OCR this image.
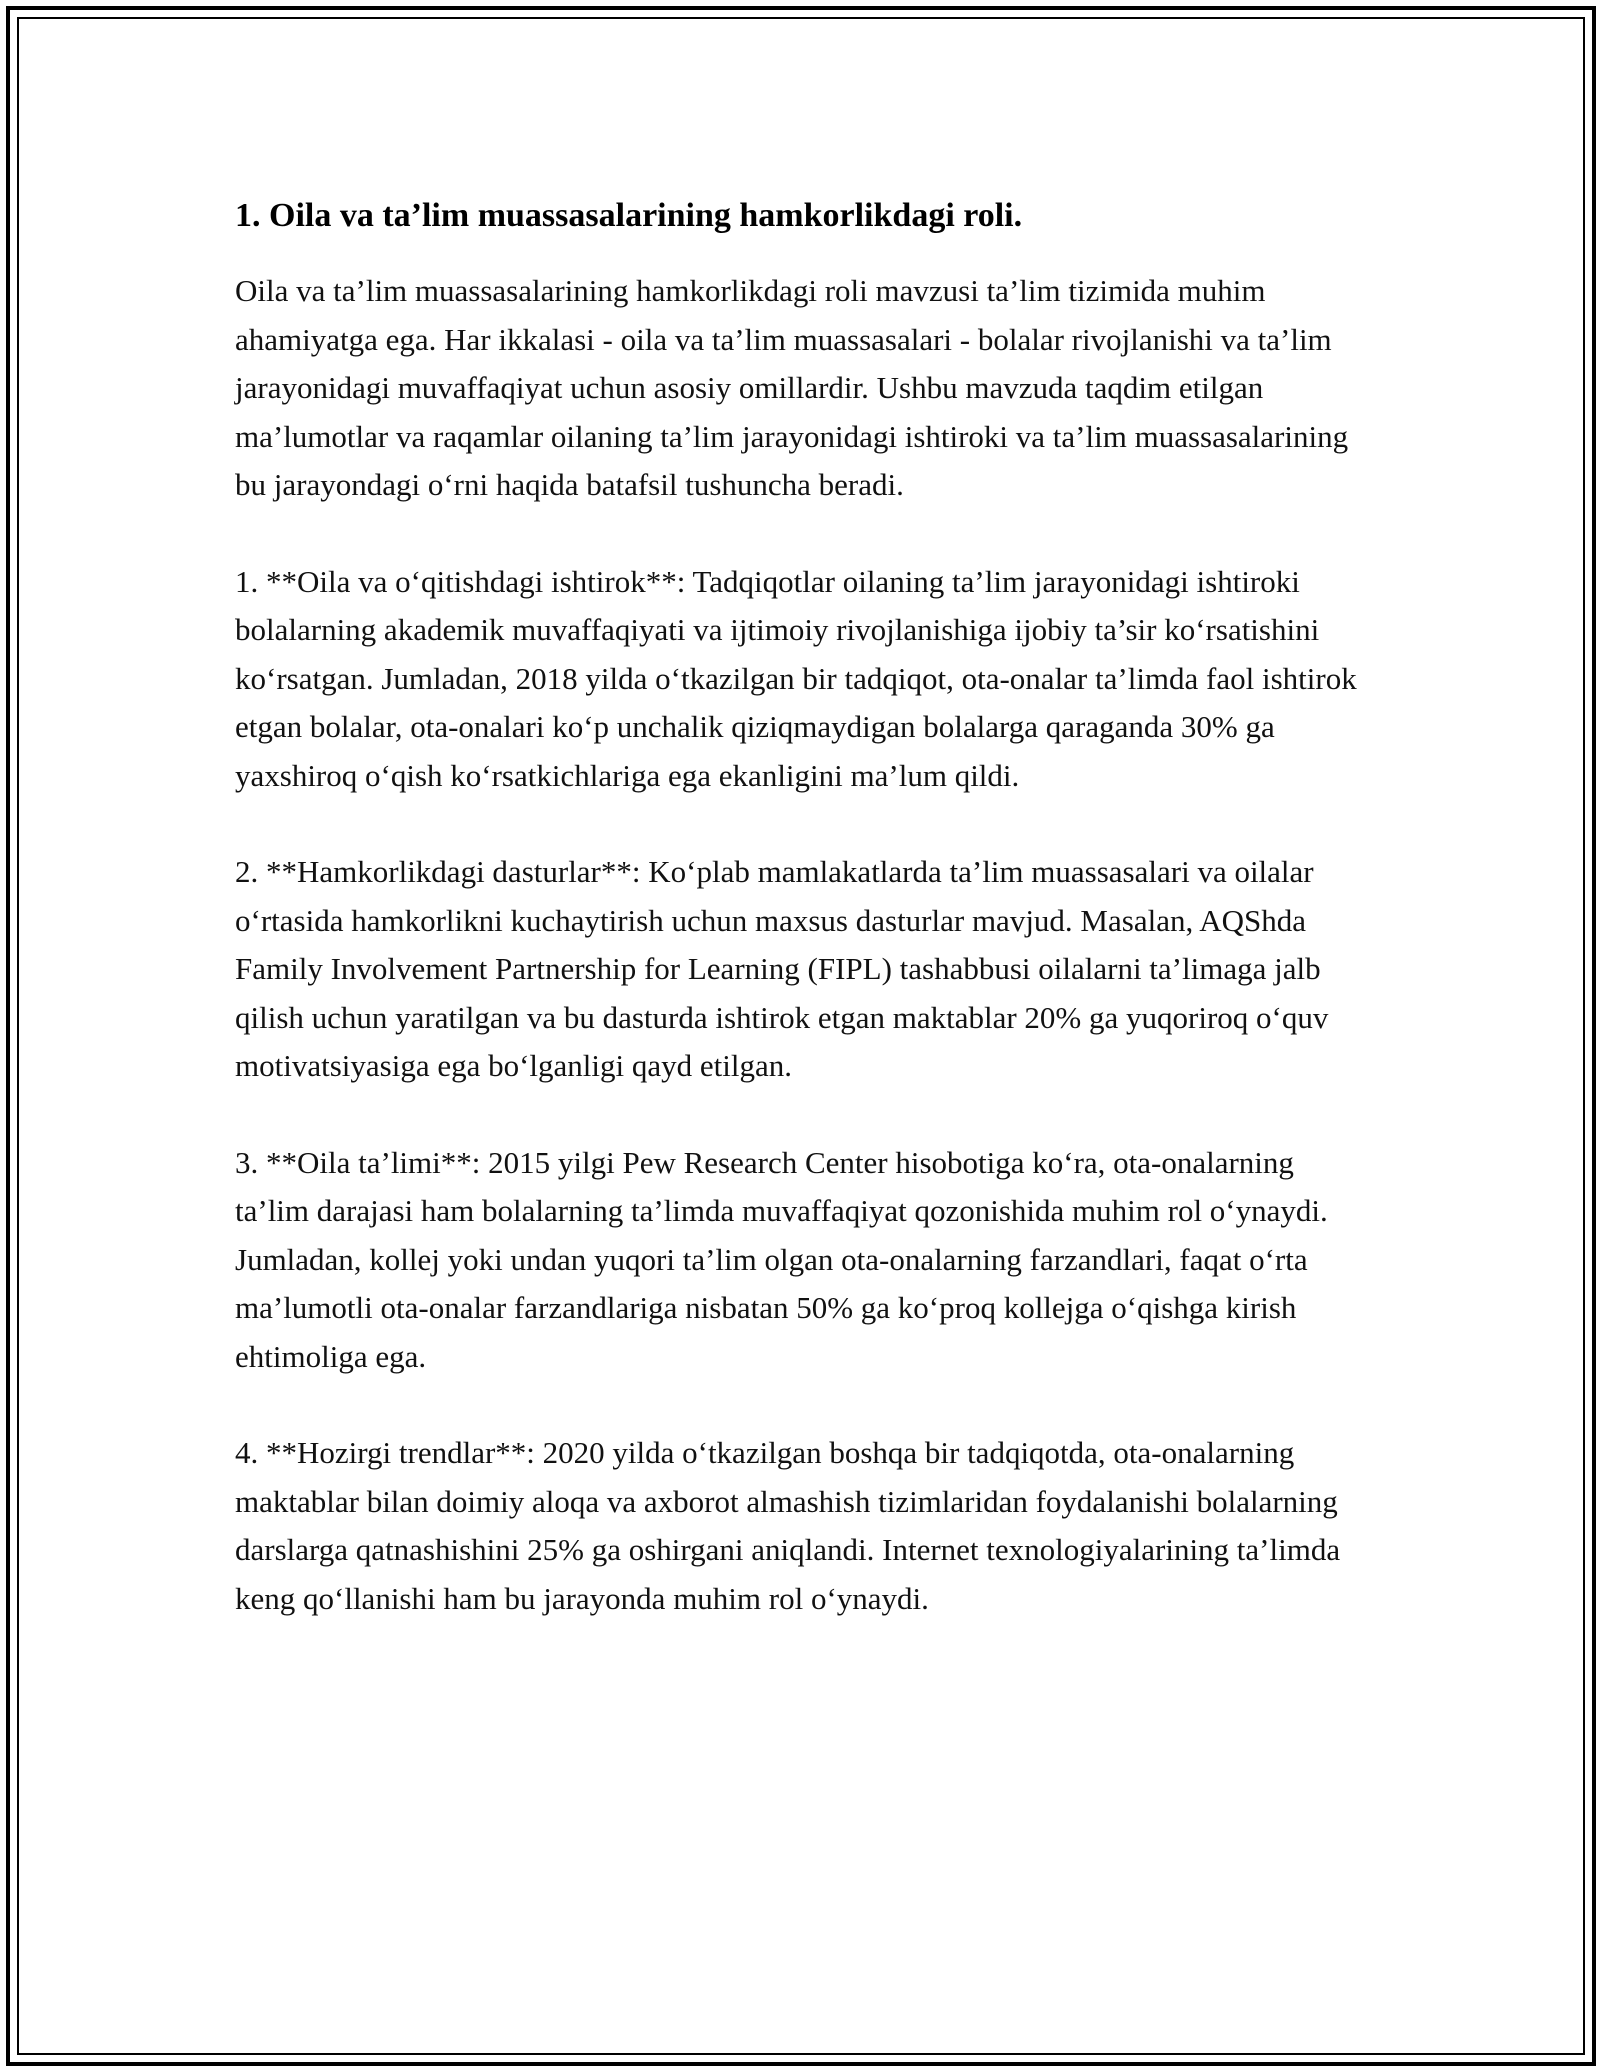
1. Oila va ta’lim muassasalarining hamkorlikdagi roli.

Oila va ta’lim muassasalarining hamkorlikdagi roli mavzusi ta’lim tizimida muhim ahamiyatga ega. Har ikkalasi - oila va ta’lim muassasalari - bolalar rivojlanishi va ta’lim jarayonidagi muvaffaqiyat uchun asosiy omillardir. Ushbu mavzuda taqdim etilgan ma’lumotlar va raqamlar oilaning ta’lim jarayonidagi ishtiroki va ta’lim muassasalarining bu jarayondagi o‘rni haqida batafsil tushuncha beradi.

1. **Oila va o‘qitishdagi ishtirok**: Tadqiqotlar oilaning ta’lim jarayonidagi ishtiroki bolalarning akademik muvaffaqiyati va ijtimoiy rivojlanishiga ijobiy ta’sir ko‘rsatishini ko‘rsatgan. Jumladan, 2018 yilda o‘tkazilgan bir tadqiqot, ota-onalar ta’limda faol ishtirok etgan bolalar, ota-onalari ko‘p unchalik qiziqmaydigan bolalarga qaraganda 30% ga yaxshiroq o‘qish ko‘rsatkichlariga ega ekanligini ma’lum qildi.

2. **Hamkorlikdagi dasturlar**: Ko‘plab mamlakatlarda ta’lim muassasalari va oilalar o‘rtasida hamkorlikni kuchaytirish uchun maxsus dasturlar mavjud. Masalan, AQShda Family Involvement Partnership for Learning (FIPL) tashabbusi oilalarni ta’limaga jalb qilish uchun yaratilgan va bu dasturda ishtirok etgan maktablar 20% ga yuqoriroq o‘quv motivatsiyasiga ega bo‘lganligi qayd etilgan.

3. **Oila ta’limi**: 2015 yilgi Pew Research Center hisobotiga ko‘ra, ota-onalarning ta’lim darajasi ham bolalarning ta’limda muvaffaqiyat qozonishida muhim rol o‘ynaydi. Jumladan, kollej yoki undan yuqori ta’lim olgan ota-onalarning farzandlari, faqat o‘rta ma’lumotli ota-onalar farzandlariga nisbatan 50% ga ko‘proq kollejga o‘qishga kirish ehtimoliga ega.

4. **Hozirgi trendlar**: 2020 yilda o‘tkazilgan boshqa bir tadqiqotda, ota-onalarning maktablar bilan doimiy aloqa va axborot almashish tizimlaridan foydalanishi bolalarning darslarga qatnashishini 25% ga oshirgani aniqlandi. Internet texnologiyalarining ta’limda keng qo‘llanishi ham bu jarayonda muhim rol o‘ynaydi.
